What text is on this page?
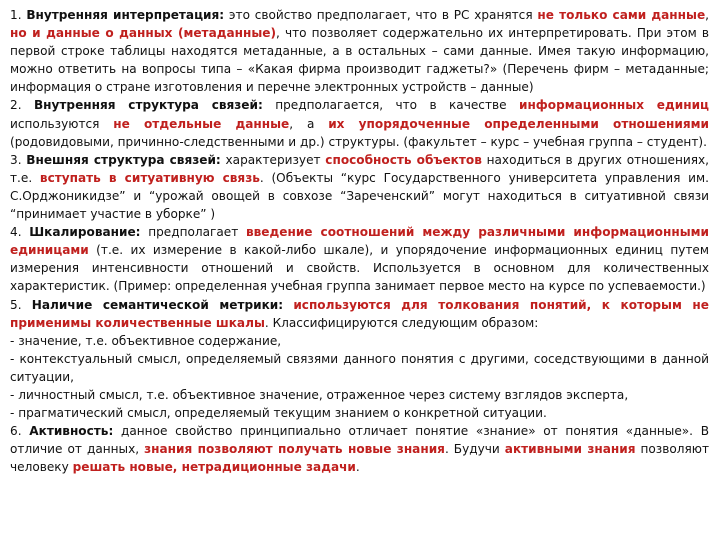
1. Внутренняя интерпретация: это свойство предполагает, что в РС хранятся не только сами данные, но и данные о данных (метаданные), что позволяет содержательно их интерпретировать. При этом в первой строке таблицы находятся метаданные, а в остальных – сами данные. Имея такую информацию, можно ответить на вопросы типа – «Какая фирма производит гаджеты?» (Перечень фирм – метаданные; информация о стране изготовления и перечне электронных устройств – данные)

2. Внутренняя структура связей: предполагается, что в качестве информационных единиц используются не отдельные данные, а их упорядоченные определенными отношениями (родовидовыми, причинно-следственными и др.) структуры. (факультет – курс – учебная группа – студент).

3. Внешняя структура связей: характеризует способность объектов находиться в других отношениях, т.е. вступать в ситуативную связь. (Объекты “курс Государственного университета управления им. С.Орджоникидзе” и “урожай овощей в совхозе “Зареченский” могут находиться в ситуативной связи “принимает участие в уборке” )

4. Шкалирование: предполагает введение соотношений между различными информационными единицами (т.е. их измерение в какой-либо шкале), и упорядочение информационных единиц путем измерения интенсивности отношений и свойств. Используется в основном для количественных характеристик. (Пример: определенная учебная группа занимает первое место на курсе по успеваемости.)

5. Наличие семантической метрики: используются для толкования понятий, к которым не применимы количественные шкалы. Классифицируются следующим образом:

- значение, т.е. объективное содержание,

- контекстуальный смысл, определяемый связями данного понятия с другими, соседствующими в данной ситуации,

- личностный смысл, т.е. объективное значение, отраженное через систему взглядов эксперта,

- прагматический смысл, определяемый текущим знанием о конкретной ситуации.

6. Активность: данное свойство принципиально отличает понятие «знание» от понятия «данные». В отличие от данных, знания позволяют получать новые знания. Будучи активными знания позволяют человеку решать новые, нетрадиционные задачи.
